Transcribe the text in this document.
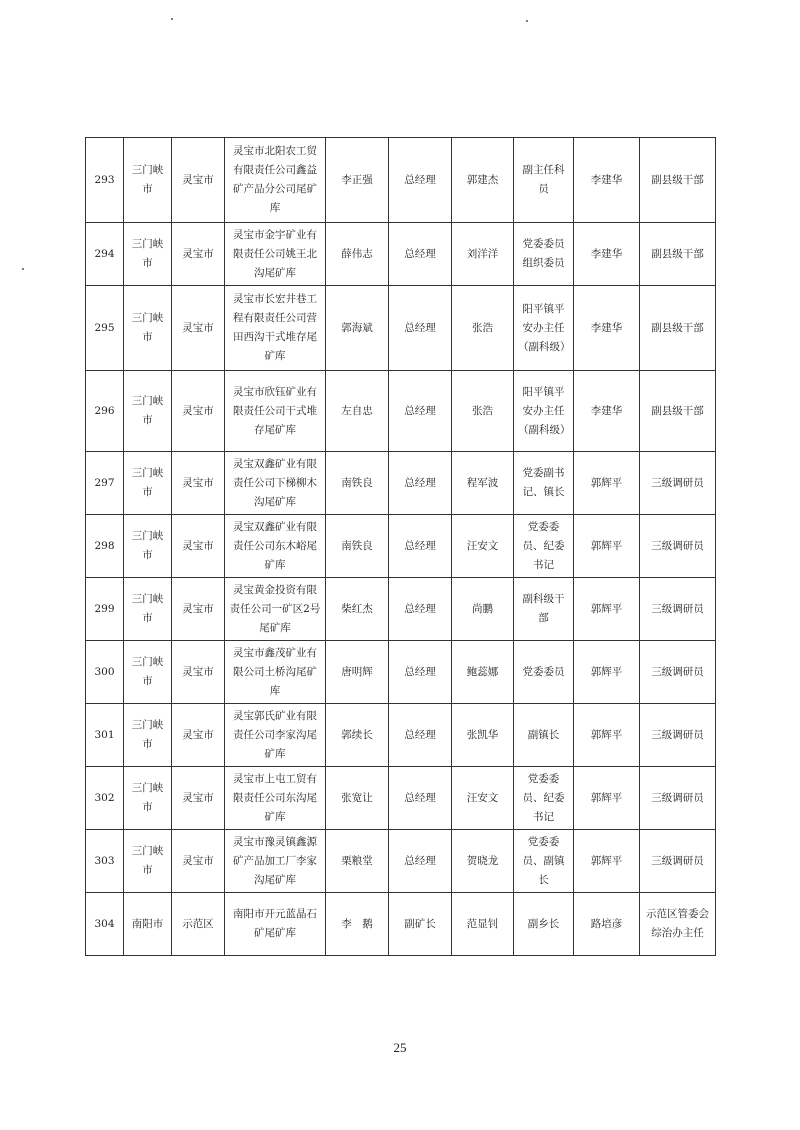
293	三门峡市	灵宝市	灵宝市北阳农工贸有限责任公司鑫益矿产品分公司尾矿库	李正强	总经理	郭建杰	副主任科员	李建华	副县级干部
294	三门峡市	灵宝市	灵宝市金宇矿业有限责任公司姚王北沟尾矿库	薛伟志	总经理	刘洋洋	党委委员组织委员	李建华	副县级干部
295	三门峡市	灵宝市	灵宝市长宏井巷工程有限责任公司营田西沟干式堆存尾矿库	郭海斌	总经理	张浩	阳平镇平安办主任（副科级）	李建华	副县级干部
296	三门峡市	灵宝市	灵宝市欣钰矿业有限责任公司干式堆存尾矿库	左自忠	总经理	张浩	阳平镇平安办主任（副科级）	李建华	副县级干部
297	三门峡市	灵宝市	灵宝双鑫矿业有限责任公司下梯柳木沟尾矿库	南铁良	总经理	程军波	党委副书记、镇长	郭辉平	三级调研员
298	三门峡市	灵宝市	灵宝双鑫矿业有限责任公司东木峪尾矿库	南铁良	总经理	汪安文	党委委员、纪委书记	郭辉平	三级调研员
299	三门峡市	灵宝市	灵宝黄金投资有限责任公司一矿区2号尾矿库	柴红杰	总经理	尚鹏	副科级干部	郭辉平	三级调研员
300	三门峡市	灵宝市	灵宝市鑫茂矿业有限公司土桥沟尾矿库	唐明辉	总经理	鲍蕊娜	党委委员	郭辉平	三级调研员
301	三门峡市	灵宝市	灵宝郭氏矿业有限责任公司李家沟尾矿库	郭续长	总经理	张凯华	副镇长	郭辉平	三级调研员
302	三门峡市	灵宝市	灵宝市上屯工贸有限责任公司东沟尾矿库	张宽让	总经理	汪安文	党委委员、纪委书记	郭辉平	三级调研员
303	三门峡市	灵宝市	灵宝市豫灵镇鑫源矿产品加工厂李家沟尾矿库	栗粮堂	总经理	贺晓龙	党委委员、副镇长	郭辉平	三级调研员
304	南阳市	示范区	南阳市开元蓝晶石矿尾矿库	李　鹅	副矿长	范显钊	副乡长	路培彦	示范区管委会综治办主任
25
